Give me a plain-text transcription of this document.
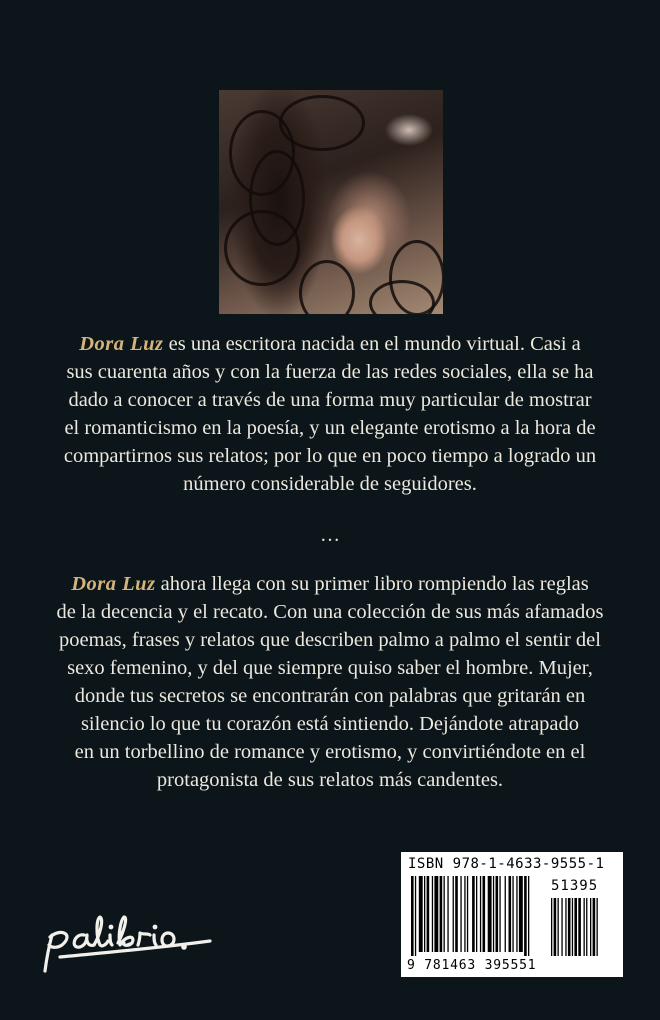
Dora Luz es una escritora nacida en el mundo virtual. Casi a
sus cuarenta años y con la fuerza de las redes sociales, ella se ha
dado a conocer a través de una forma muy particular de mostrar
el romanticismo en la poesía, y un elegante erotismo a la hora de
compartirnos sus relatos; por lo que en poco tiempo a logrado un
número considerable de seguidores.
…
Dora Luz ahora llega con su primer libro rompiendo las reglas
de la decencia y el recato. Con una colección de sus más afamados
poemas, frases y relatos que describen palmo a palmo el sentir del
sexo femenino, y del que siempre quiso saber el hombre. Mujer,
donde tus secretos se encontrarán con palabras que gritarán en
silencio lo que tu corazón está sintiendo. Dejándote atrapado
en un torbellino de romance y erotismo, y convirtiéndote en el
protagonista de sus relatos más candentes.
ISBN 978-1-4633-9555-1
51395
9 781463 395551
